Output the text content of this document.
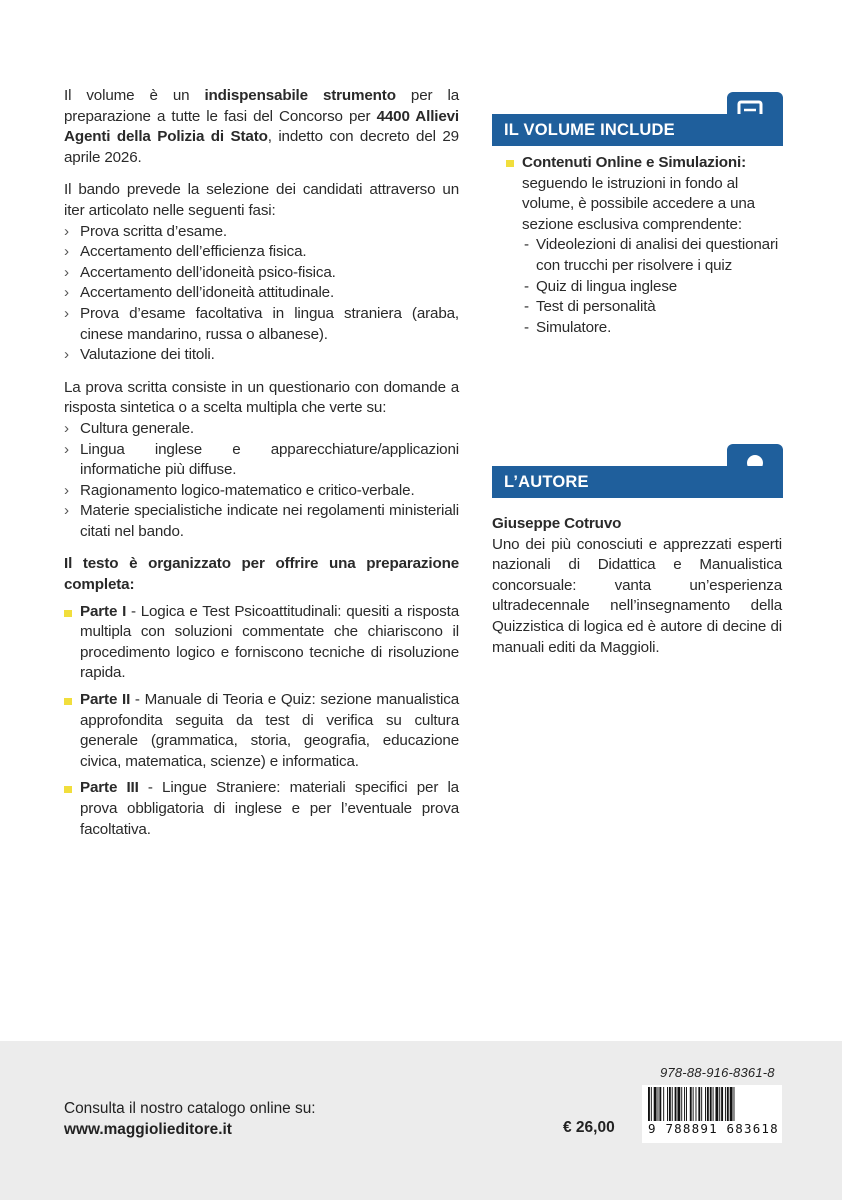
Il volume è un indispensabile strumento per la preparazione a tutte le fasi del Concorso per 4400 Allievi Agenti della Polizia di Stato, indetto con decreto del 29 aprile 2026.

Il bando prevede la selezione dei candidati attraverso un iter articolato nelle seguenti fasi:
› Prova scritta d’esame.
› Accertamento dell’efficienza fisica.
› Accertamento dell’idoneità psico-fisica.
› Accertamento dell’idoneità attitudinale.
› Prova d’esame facoltativa in lingua straniera (araba, cinese mandarino, russa o albanese).
› Valutazione dei titoli.
La prova scritta consiste in un questionario con domande a risposta sintetica o a scelta multipla che verte su:
› Cultura generale.
› Lingua inglese e apparecchiature/applicazioni informatiche più diffuse.
› Ragionamento logico-matematico e critico-verbale.
› Materie specialistiche indicate nei regolamenti ministeriali citati nel bando.
Il testo è organizzato per offrire una preparazione completa:
Parte I - Logica e Test Psicoattitudinali: quesiti a risposta multipla con soluzioni commentate che chiariscono il procedimento logico e forniscono tecniche di risoluzione rapida.
Parte II - Manuale di Teoria e Quiz: sezione manualistica approfondita seguita da test di verifica su cultura generale (grammatica, storia, geografia, educazione civica, matematica, scienze) e informatica.
Parte III - Lingue Straniere: materiali specifici per la prova obbligatoria di inglese e per l’eventuale prova facoltativa.
IL VOLUME INCLUDE
Contenuti Online e Simulazioni:
seguendo le istruzioni in fondo al volume, è possibile accedere a una sezione esclusiva comprendente:
- Videolezioni di analisi dei questionari con trucchi per risolvere i quiz
- Quiz di lingua inglese
- Test di personalità
- Simulatore.
L’AUTORE
Giuseppe Cotruvo
Uno dei più conosciuti e apprezzati esperti nazionali di Didattica e Manualistica concorsuale: vanta un’esperienza ultradecennale nell’insegnamento della Quizzistica di logica ed è autore di decine di manuali editi da Maggioli.
Consulta il nostro catalogo online su:
www.maggiolieditore.it	€ 26,00
978-88-916-8361-8
9 788891 683618
